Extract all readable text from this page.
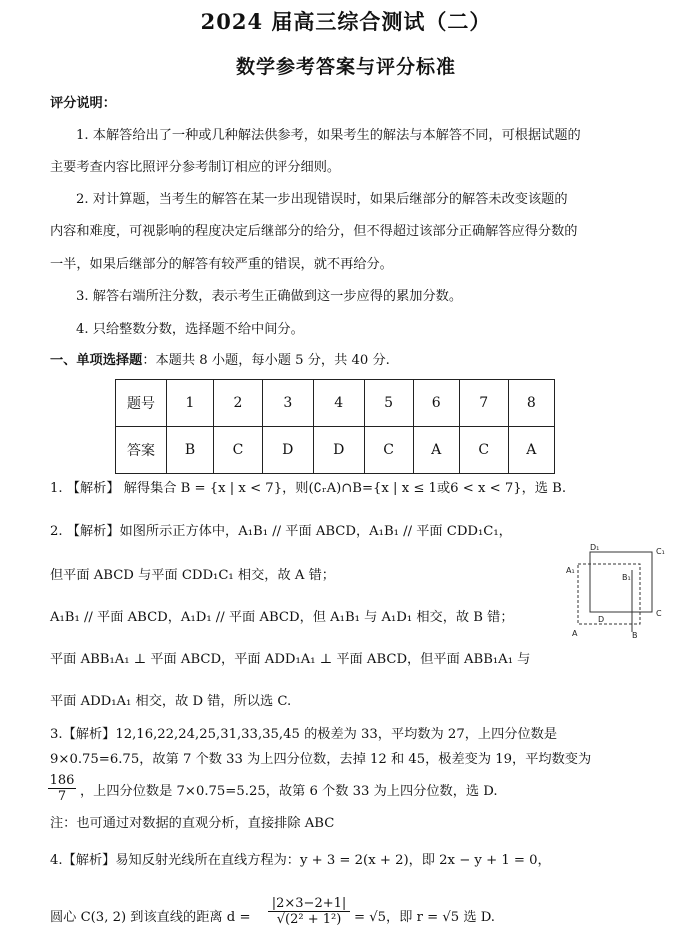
2024 届高三综合测试（二）
数学参考答案与评分标准
评分说明：
1. 本解答给出了一种或几种解法供参考，如果考生的解法与本解答不同，可根据试题的
主要考查内容比照评分参考制订相应的评分细则。
2. 对计算题，当考生的解答在某一步出现错误时，如果后继部分的解答未改变该题的
内容和难度，可视影响的程度决定后继部分的给分，但不得超过该部分正确解答应得分数的
一半，如果后继部分的解答有较严重的错误，就不再给分。
3. 解答右端所注分数，表示考生正确做到这一步应得的累加分数。
4. 只给整数分数，选择题不给中间分。
一、单项选择题：本题共 8 小题，每小题 5 分，共 40 分.
题号	1	2	3	4	5	6	7	8
答案	B	C	D	D	C	A	C	A
1. 【解析】 解得集合 B = {x | x < 7}，则(∁ᵣA)∩B={x | x ≤ 1或6 < x < 7}，选 B.
2. 【解析】如图所示正方体中，A₁B₁ // 平面 ABCD，A₁B₁ // 平面 CDD₁C₁，
但平面 ABCD 与平面 CDD₁C₁ 相交，故 A 错；
A₁B₁ // 平面 ABCD，A₁D₁ // 平面 ABCD，但 A₁B₁ 与 A₁D₁ 相交，故 B 错；
平面 ABB₁A₁ ⊥ 平面 ABCD，平面 ADD₁A₁ ⊥ 平面 ABCD，但平面 ABB₁A₁ 与
平面 ADD₁A₁ 相交，故 D 错，所以选 C.
D₁	C₁
A₁
B₁
D
C
A	B
3.【解析】12,16,22,24,25,31,33,35,45 的极差为 33，平均数为 27，上四分位数是
9×0.75=6.75，故第 7 个数 33 为上四分位数，去掉 12 和 45，极差变为 19，平均数变为
$\frac{186}{7}$ ，上四分位数是 7×0.75=5.25，故第 6 个数 33 为上四分位数，选 D.
注：也可通过对数据的直观分析，直接排除 ABC
4.【解析】易知反射光线所在直线方程为：y + 3 = 2(x + 2)，即 2x − y + 1 = 0，
圆心 C(3, 2) 到该直线的距离 $d = \frac{|2\times 3-2+1|}{\text{√(2² + 1²)}} = √5$，即 r = √5 选 D.
